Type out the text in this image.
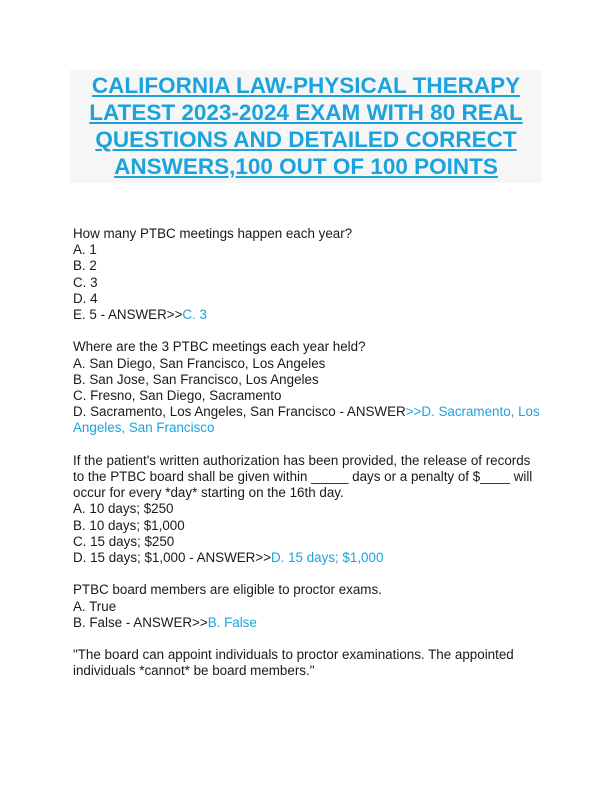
CALIFORNIA LAW-PHYSICAL THERAPY LATEST 2023-2024 EXAM WITH 80 REAL QUESTIONS AND DETAILED CORRECT ANSWERS,100 OUT OF 100 POINTS
How many PTBC meetings happen each year?
A. 1
B. 2
C. 3
D. 4
E. 5 - ANSWER>>C. 3
Where are the 3 PTBC meetings each year held?
A. San Diego, San Francisco, Los Angeles
B. San Jose, San Francisco, Los Angeles
C. Fresno, San Diego, Sacramento
D. Sacramento, Los Angeles, San Francisco - ANSWER>>D. Sacramento, Los Angeles, San Francisco
If the patient's written authorization has been provided, the release of records to the PTBC board shall be given within _____ days or a penalty of $____ will occur for every *day* starting on the 16th day.
A. 10 days; $250
B. 10 days; $1,000
C. 15 days; $250
D. 15 days; $1,000 - ANSWER>>D. 15 days; $1,000
PTBC board members are eligible to proctor exams.
A. True
B. False - ANSWER>>B. False
"The board can appoint individuals to proctor examinations. The appointed individuals *cannot* be board members."
